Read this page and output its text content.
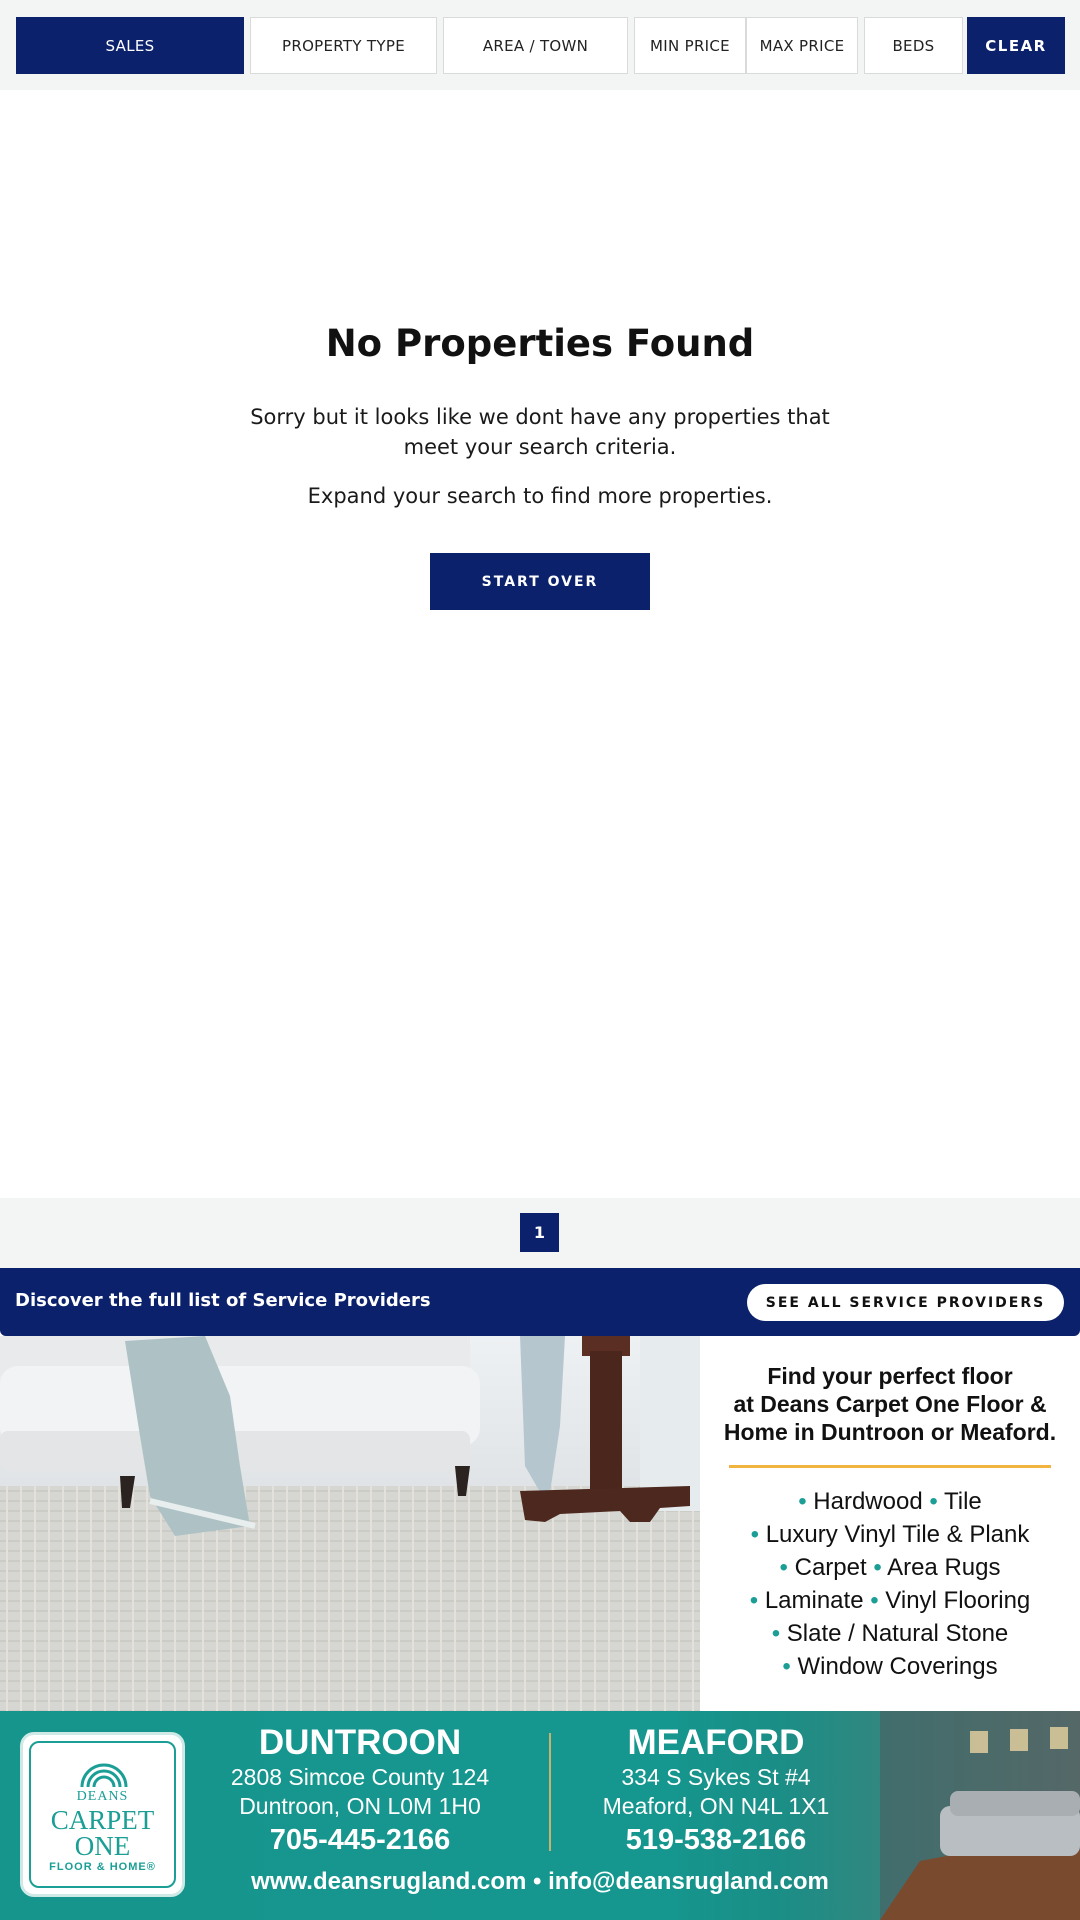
SALES	PROPERTY TYPE	AREA / TOWN	MIN PRICE	MAX PRICE	BEDS	CLEAR
No Properties Found

Sorry but it looks like we dont have any properties that meet your search criteria.

Expand your search to find more properties.

START OVER
1
Discover the full list of Service Providers	SEE ALL SERVICE PROVIDERS
Find your perfect floor
at Deans Carpet One Floor &
Home in Duntroon or Meaford.
• Hardwood • Tile
• Luxury Vinyl Tile & Plank
• Carpet • Area Rugs
• Laminate • Vinyl Flooring
• Slate / Natural Stone
• Window Coverings
DEANS
CARPET
ONE
FLOOR & HOME®
DUNTROON
2808 Simcoe County 124
Duntroon, ON L0M 1H0
705-445-2166
MEAFORD
334 S Sykes St #4
Meaford, ON N4L 1X1
519-538-2166
www.deansrugland.com • info@deansrugland.com
